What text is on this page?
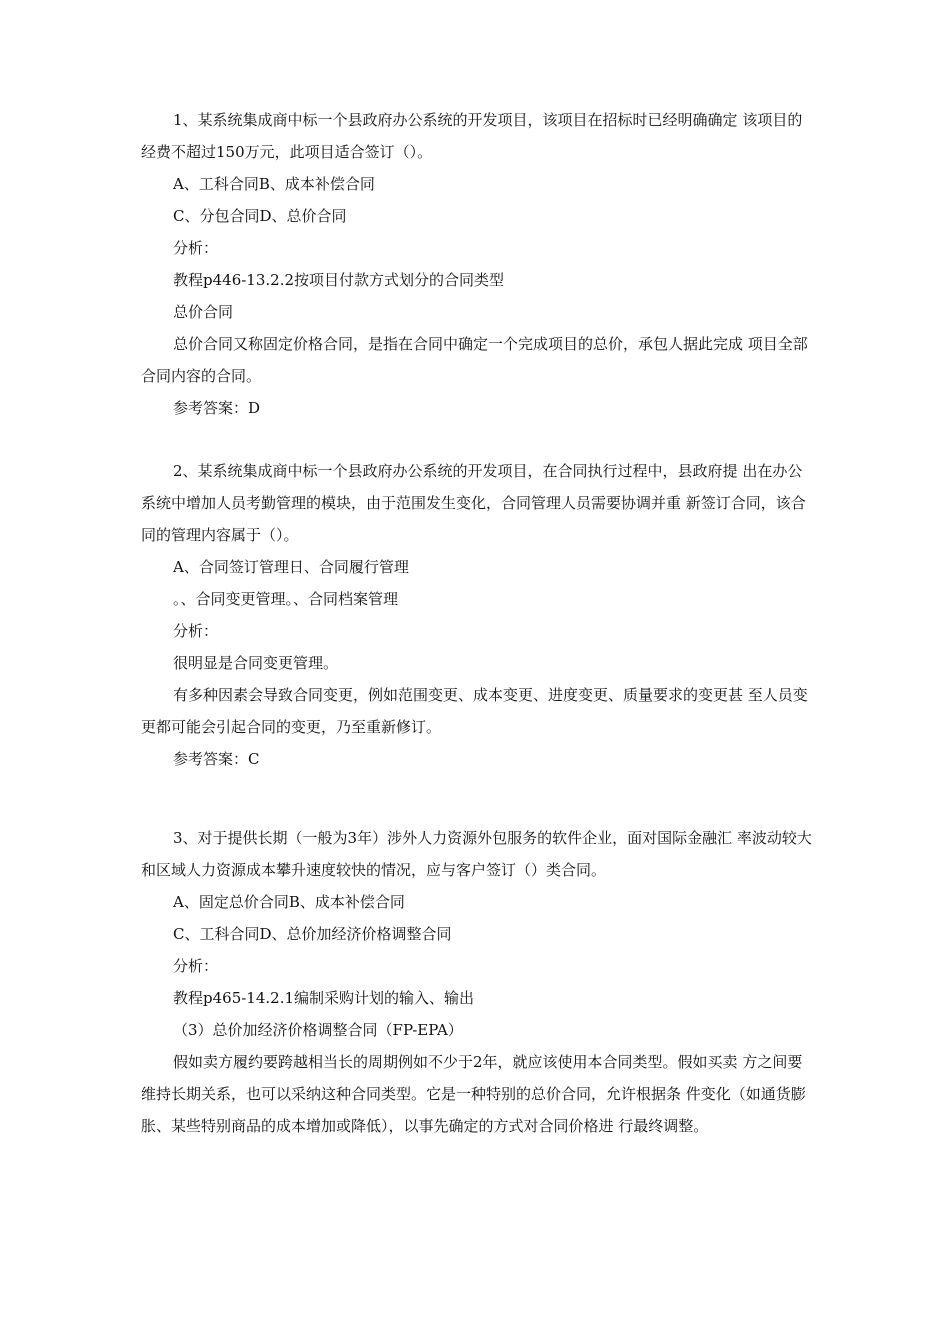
1、某系统集成商中标一个县政府办公系统的开发项目，该项目在招标时已经明确确定 该项目的经费不超过150万元，此项目适合签订（）。

A、工科合同B、成本补偿合同

C、分包合同D、总价合同

分析：

教程p446-13.2.2按项目付款方式划分的合同类型

总价合同

总价合同又称固定价格合同，是指在合同中确定一个完成项目的总价，承包人据此完成 项目全部合同内容的合同。

参考答案：D

2、某系统集成商中标一个县政府办公系统的开发项目，在合同执行过程中，县政府提 出在办公系统中增加人员考勤管理的模块，由于范围发生变化，合同管理人员需要协调并重 新签订合同，该合同的管理内容属于（）。

A、合同签订管理日、合同履行管理

。、合同变更管理。、合同档案管理

分析：

很明显是合同变更管理。

有多种因素会导致合同变更，例如范围变更、成本变更、进度变更、质量要求的变更甚 至人员变更都可能会引起合同的变更，乃至重新修订。

参考答案：C

3、对于提供长期（一般为3年）涉外人力资源外包服务的软件企业，面对国际金融汇 率波动较大和区域人力资源成本攀升速度较快的情况，应与客户签订（）类合同。

A、固定总价合同B、成本补偿合同

C、工科合同D、总价加经济价格调整合同

分析：

教程p465-14.2.1编制采购计划的输入、输出

（3）总价加经济价格调整合同（FP-EPA）

假如卖方履约要跨越相当长的周期例如不少于2年，就应该使用本合同类型。假如买卖 方之间要维持长期关系，也可以采纳这种合同类型。它是一种特别的总价合同，允许根据条 件变化（如通货膨胀、某些特别商品的成本增加或降低），以事先确定的方式对合同价格进 行最终调整。
